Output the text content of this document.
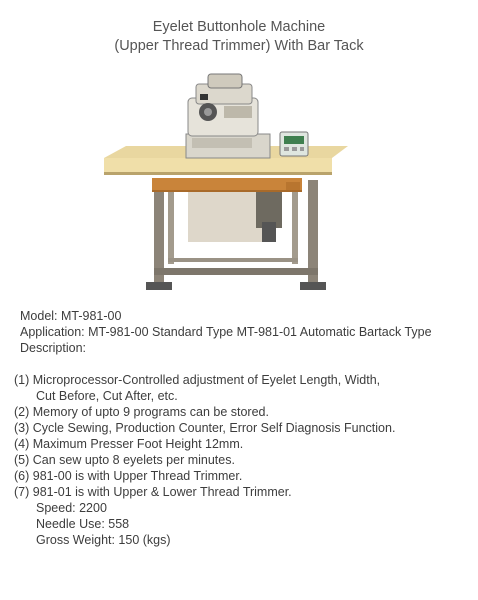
Eyelet Buttonhole Machine
(Upper Thread Trimmer) With Bar Tack
Model: MT-981-00
Application: MT-981-00 Standard Type MT-981-01 Automatic Bartack Type
Description:
(1) Microprocessor-Controlled adjustment of Eyelet Length, Width,
Cut Before, Cut After, etc.
(2) Memory of upto 9 programs can be stored.
(3) Cycle Sewing, Production Counter, Error Self Diagnosis Function.
(4) Maximum Presser Foot Height 12mm.
(5) Can sew upto 8 eyelets per minutes.
(6) 981-00 is with Upper Thread Trimmer.
(7) 981-01 is with Upper & Lower Thread Trimmer.
Speed: 2200
Needle Use: 558
Gross Weight: 150 (kgs)
